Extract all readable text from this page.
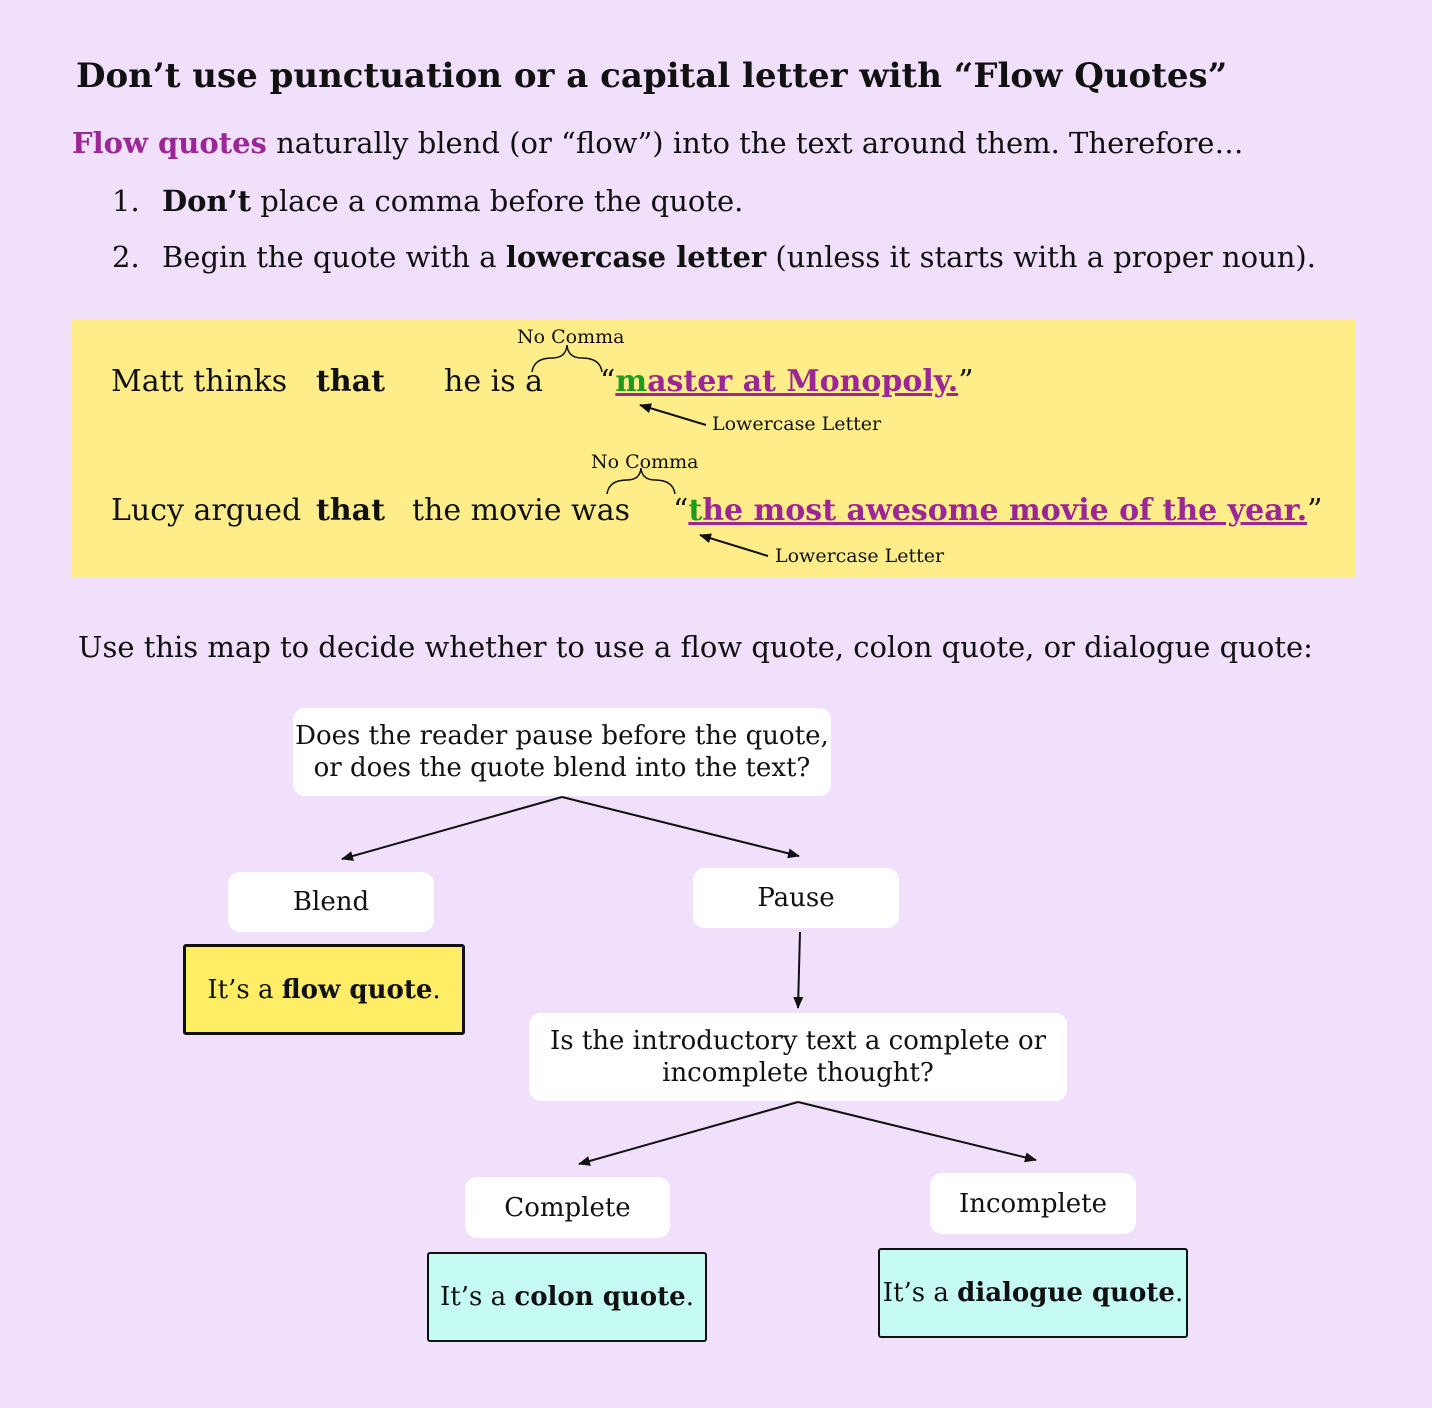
Don’t use punctuation or a capital letter with “Flow Quotes”
Flow quotes naturally blend (or “flow”) into the text around them. Therefore…
1. Don’t place a comma before the quote.
2. Begin the quote with a lowercase letter (unless it starts with a proper noun).
Matt thinks that he is a “master at Monopoly.”
No Comma
Lowercase Letter
Lucy argued that the movie was “the most awesome movie of the year.”
No Comma
Lowercase Letter
Use this map to decide whether to use a flow quote, colon quote, or dialogue quote:
Does the reader pause before the quote,
or does the quote blend into the text?
Blend	Pause
It’s a flow quote.
Is the introductory text a complete or
incomplete thought?
Complete	Incomplete
It’s a colon quote.	It’s a dialogue quote.
